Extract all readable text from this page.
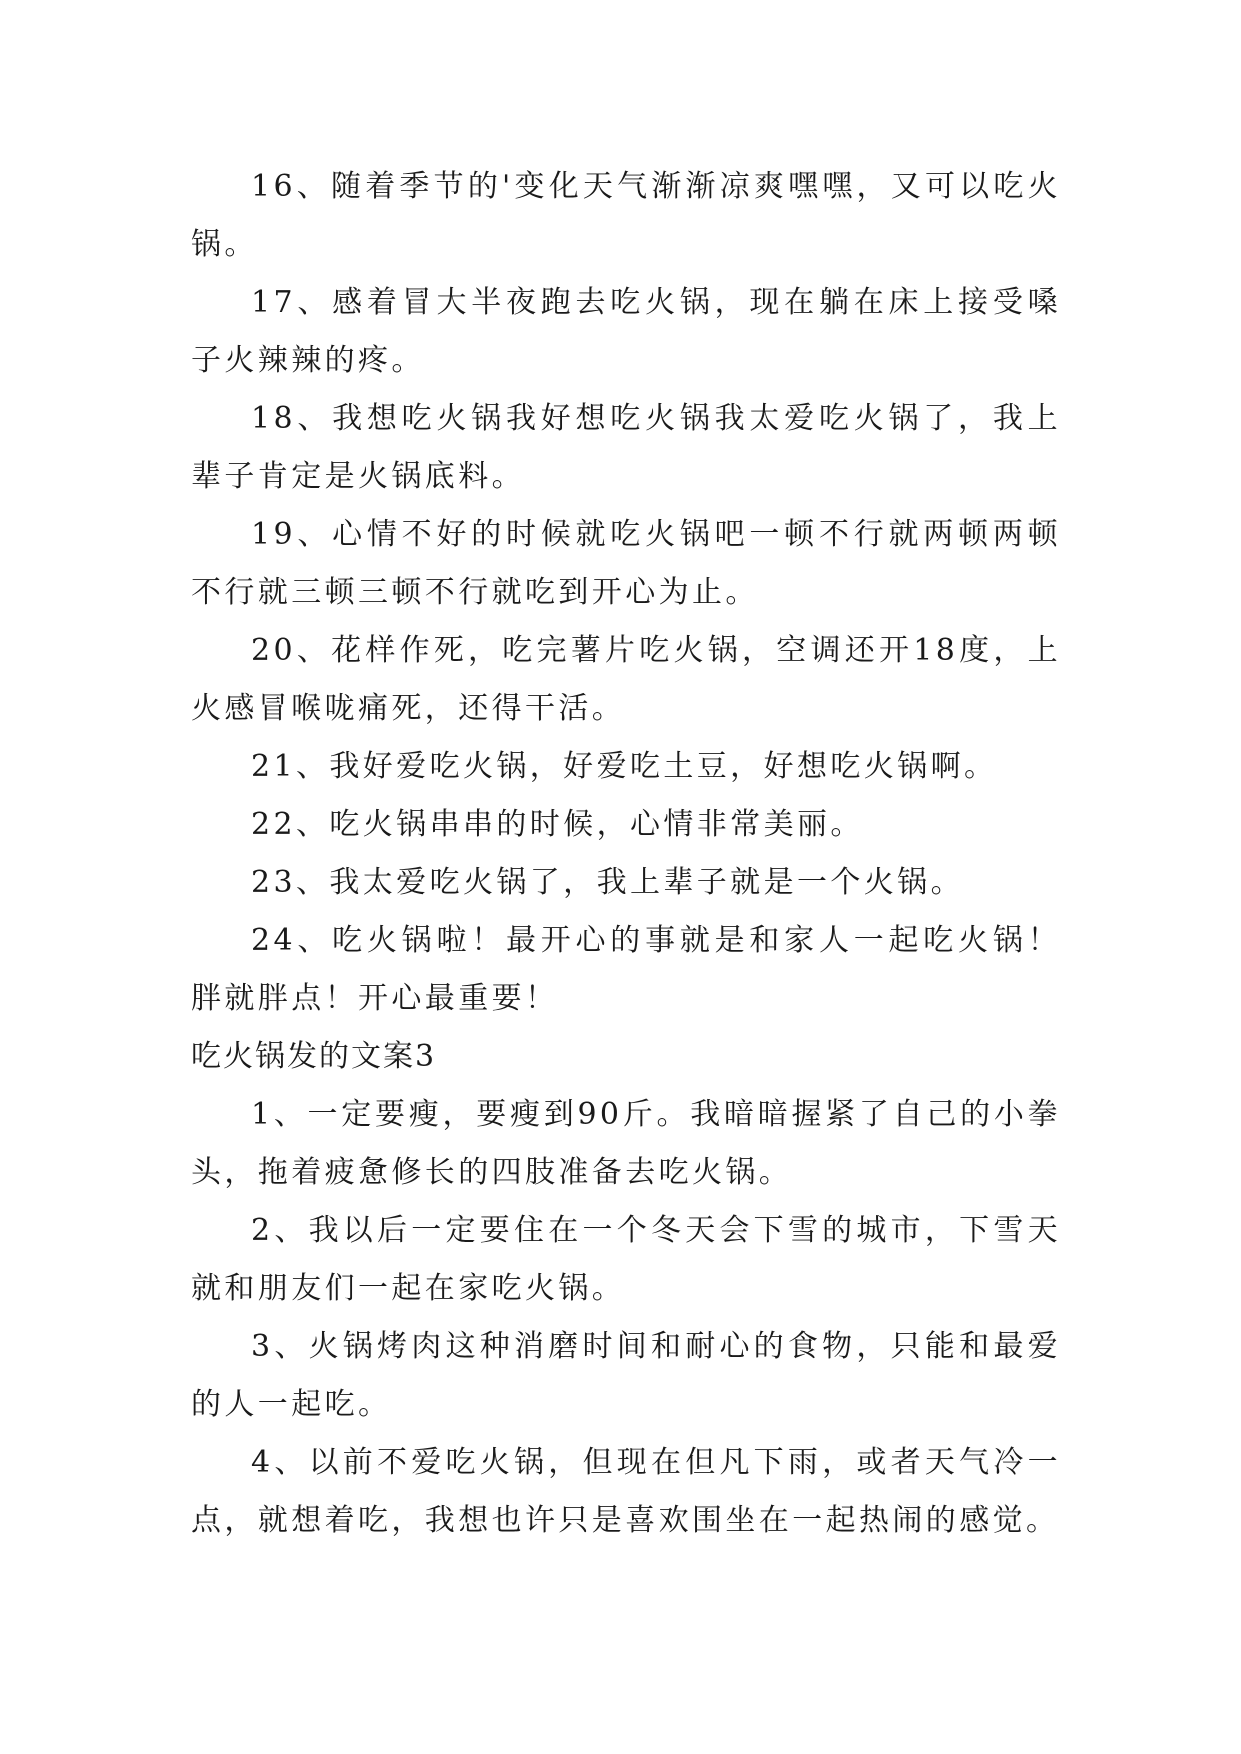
16、随着季节的'变化天气渐渐凉爽嘿嘿，又可以吃火锅。

17、感着冒大半夜跑去吃火锅，现在躺在床上接受嗓子火辣辣的疼。

18、我想吃火锅我好想吃火锅我太爱吃火锅了，我上辈子肯定是火锅底料。

19、心情不好的时候就吃火锅吧一顿不行就两顿两顿不行就三顿三顿不行就吃到开心为止。

20、花样作死，吃完薯片吃火锅，空调还开18度，上火感冒喉咙痛死，还得干活。

21、我好爱吃火锅，好爱吃土豆，好想吃火锅啊。

22、吃火锅串串的时候，心情非常美丽。

23、我太爱吃火锅了，我上辈子就是一个火锅。

24、吃火锅啦！最开心的事就是和家人一起吃火锅！胖就胖点！开心最重要！

吃火锅发的文案3

1、一定要瘦，要瘦到90斤。我暗暗握紧了自己的小拳头，拖着疲惫修长的四肢准备去吃火锅。

2、我以后一定要住在一个冬天会下雪的城市，下雪天就和朋友们一起在家吃火锅。

3、火锅烤肉这种消磨时间和耐心的食物，只能和最爱的人一起吃。

4、以前不爱吃火锅，但现在但凡下雨，或者天气冷一点，就想着吃，我想也许只是喜欢围坐在一起热闹的感觉。
